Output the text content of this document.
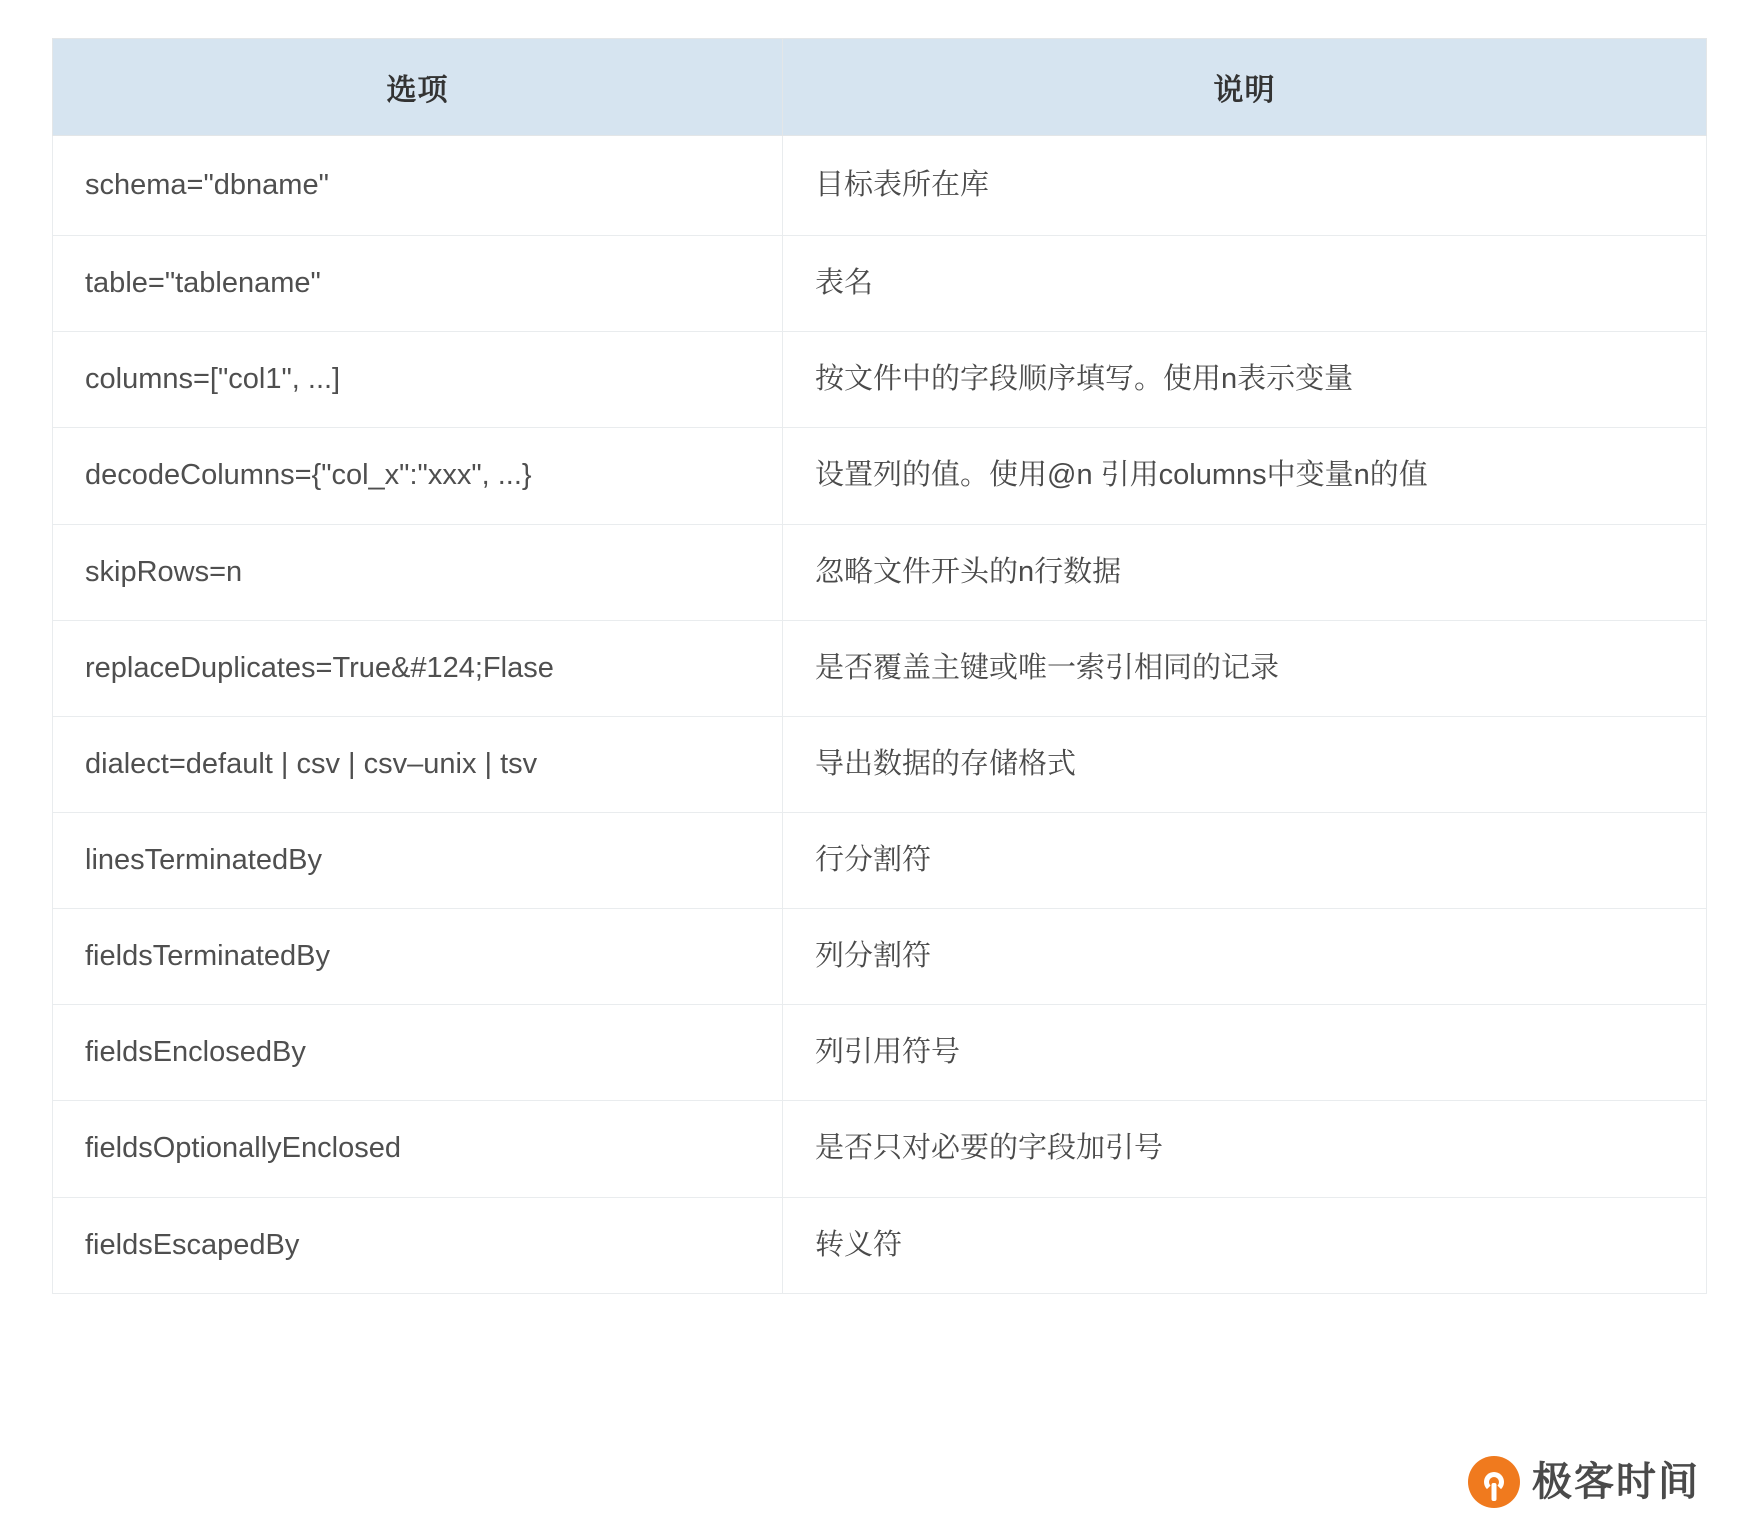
选项	说明
schema="dbname"	目标表所在库
table="tablename"	表名
columns=["col1", ...]	按文件中的字段顺序填写。使用n表示变量
decodeColumns={"col_x":"xxx", ...}	设置列的值。使用@n 引用columns中变量n的值
skipRows=n	忽略文件开头的n行数据
replaceDuplicates=True&#124;Flase	是否覆盖主键或唯一索引相同的记录
dialect=default | csv | csv–unix | tsv	导出数据的存储格式
linesTerminatedBy	行分割符
fieldsTerminatedBy	列分割符
fieldsEnclosedBy	列引用符号
fieldsOptionallyEnclosed	是否只对必要的字段加引号
fieldsEscapedBy	转义符
极客时间
